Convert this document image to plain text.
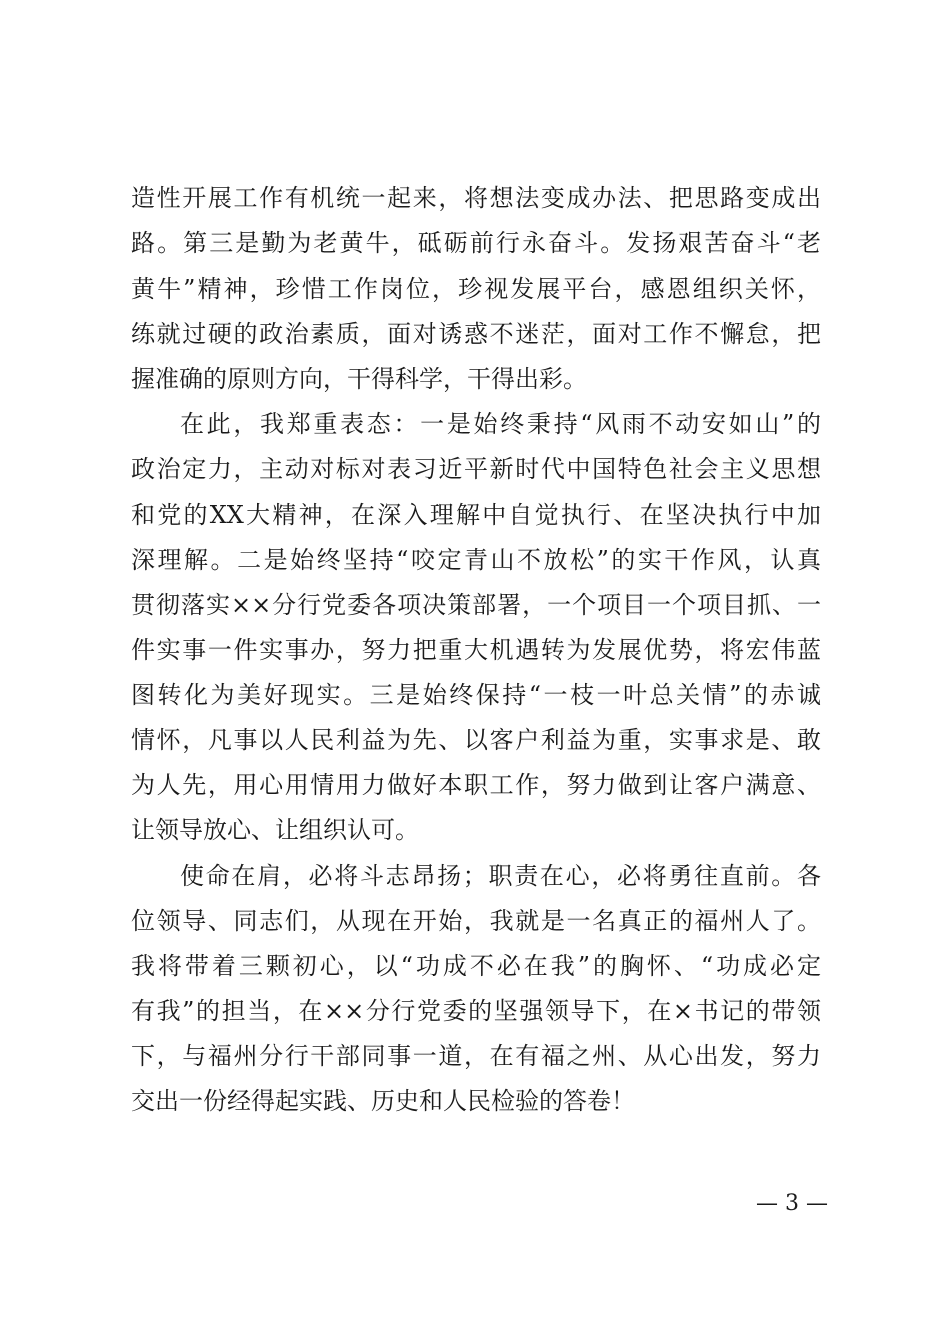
造性开展工作有机统一起来，将想法变成办法、把思路变成出
路。第三是勤为老黄牛，砥砺前行永奋斗。发扬艰苦奋斗“老
黄牛”精神，珍惜工作岗位，珍视发展平台，感恩组织关怀，
练就过硬的政治素质，面对诱惑不迷茫，面对工作不懈怠，把
握准确的原则方向，干得科学，干得出彩。
在此，我郑重表态：一是始终秉持“风雨不动安如山”的
政治定力，主动对标对表习近平新时代中国特色社会主义思想
和党的XX大精神，在深入理解中自觉执行、在坚决执行中加
深理解。二是始终坚持“咬定青山不放松”的实干作风，认真
贯彻落实××分行党委各项决策部署，一个项目一个项目抓、一
件实事一件实事办，努力把重大机遇转为发展优势，将宏伟蓝
图转化为美好现实。三是始终保持“一枝一叶总关情”的赤诚
情怀，凡事以人民利益为先、以客户利益为重，实事求是、敢
为人先，用心用情用力做好本职工作，努力做到让客户满意、
让领导放心、让组织认可。
使命在肩，必将斗志昂扬；职责在心，必将勇往直前。各
位领导、同志们，从现在开始，我就是一名真正的福州人了。
我将带着三颗初心，以“功成不必在我”的胸怀、“功成必定
有我”的担当，在××分行党委的坚强领导下，在×书记的带领
下，与福州分行干部同事一道，在有福之州、从心出发，努力
交出一份经得起实践、历史和人民检验的答卷！
— 3 —
